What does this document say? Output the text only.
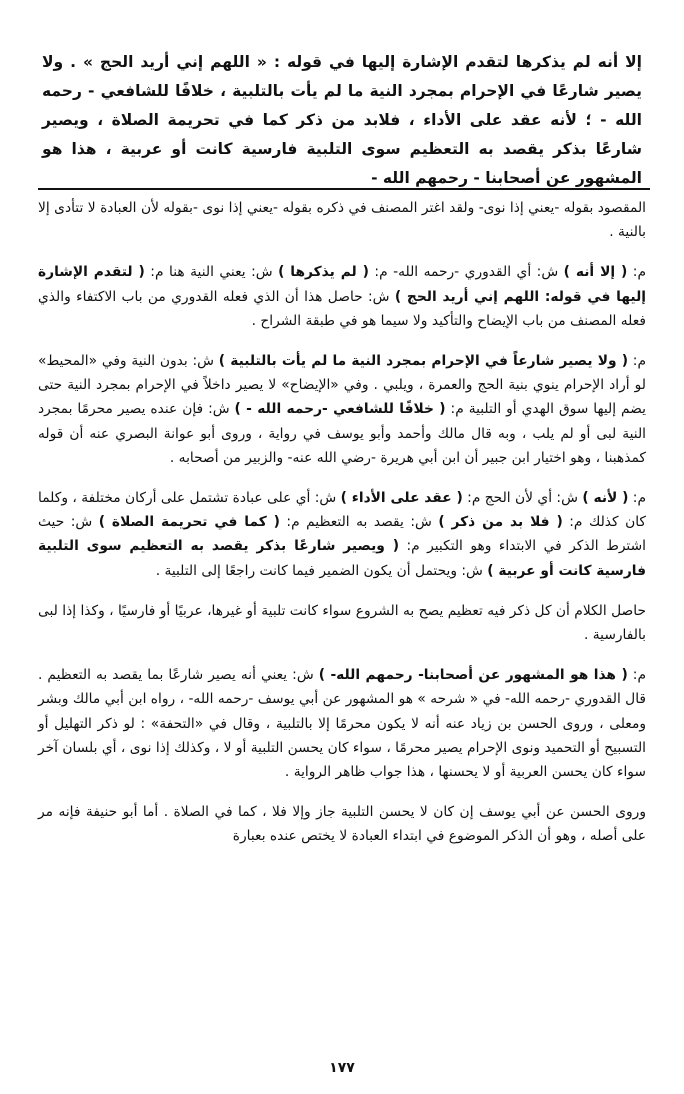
إلا أنه لم يذكرها لتقدم الإشارة إليها في قوله : « اللهم إني أريد الحج » . ولا يصير شارعًا في الإحرام بمجرد النية ما لم يأت بالتلبية ، خلافًا للشافعي - رحمه الله - ؛ لأنه عقد على الأداء ، فلابد من ذكر كما في تحريمة الصلاة ، ويصير شارعًا بذكر يقصد به التعظيم سوى التلبية فارسية كانت أو عربية ، هذا هو المشهور عن أصحابنا - رحمهم الله -

المقصود بقوله -يعني إذا نوى- ولقد اغتر المصنف في ذكره بقوله -يعني إذا نوى -بقوله لأن العبادة لا تتأدى إلا بالنية .

م: ( إلا أنه ) ش: أي القدوري -رحمه الله- م: ( لم يذكرها ) ش: يعني النية هنا م: ( لتقدم الإشارة إليها في قوله: اللهم إني أريد الحج ) ش: حاصل هذا أن الذي فعله القدوري من باب الاكتفاء والذي فعله المصنف من باب الإيضاح والتأكيد ولا سيما هو في طبقة الشراح .

م: ( ولا يصير شارعاً في الإحرام بمجرد النية ما لم يأت بالتلبية ) ش: بدون النية وفي «المحيط» لو أراد الإحرام ينوي بنية الحج والعمرة ، ويلبي . وفي «الإيضاح» لا يصير داخلاً في الإحرام بمجرد النية حتى يضم إليها سوق الهدي أو التلبية م: ( خلافًا للشافعي -رحمه الله - ) ش: فإن عنده يصير محرمًا بمجرد النية لبى أو لم يلب ، وبه قال مالك وأحمد وأبو يوسف في رواية ، وروى أبو عوانة البصري عنه أن قوله كمذهبنا ، وهو اختيار ابن جبير أن ابن أبي هريرة -رضي الله عنه- والزبير من أصحابه .

م: ( لأنه ) ش: أي لأن الحج م: ( عقد على الأداء ) ش: أي على عبادة تشتمل على أركان مختلفة ، وكلما كان كذلك م: ( فلا بد من ذكر ) ش: يقصد به التعظيم م: ( كما في تحريمة الصلاة ) ش: حيث اشترط الذكر في الابتداء وهو التكبير م: ( ويصير شارعًا بذكر يقصد به التعظيم سوى التلبية فارسية كانت أو عربية ) ش: ويحتمل أن يكون الضمير فيما كانت راجعًا إلى التلبية .

حاصل الكلام أن كل ذكر فيه تعظيم يصح به الشروع سواء كانت تلبية أو غيرها، عربيًا أو فارسيًا ، وكذا إذا لبى بالفارسية .

م: ( هذا هو المشهور عن أصحابنا- رحمهم الله- ) ش: يعني أنه يصير شارعًا بما يقصد به التعظيم . قال القدوري -رحمه الله- في « شرحه » هو المشهور عن أبي يوسف -رحمه الله- ، رواه ابن أبي مالك وبشر ومعلى ، وروى الحسن بن زياد عنه أنه لا يكون محرمًا إلا بالتلبية ، وقال في «التحفة» : لو ذكر التهليل أو التسبيح أو التحميد ونوى الإحرام يصير محرمًا ، سواء كان يحسن التلبية أو لا ، وكذلك إذا نوى ، أي بلسان آخر سواء كان يحسن العربية أو لا يحسنها ، هذا جواب ظاهر الرواية .

وروى الحسن عن أبي يوسف إن كان لا يحسن التلبية جاز وإلا فلا ، كما في الصلاة . أما أبو حنيفة فإنه مر على أصله ، وهو أن الذكر الموضوع في ابتداء العبادة لا يختص عنده بعبارة

١٧٧
